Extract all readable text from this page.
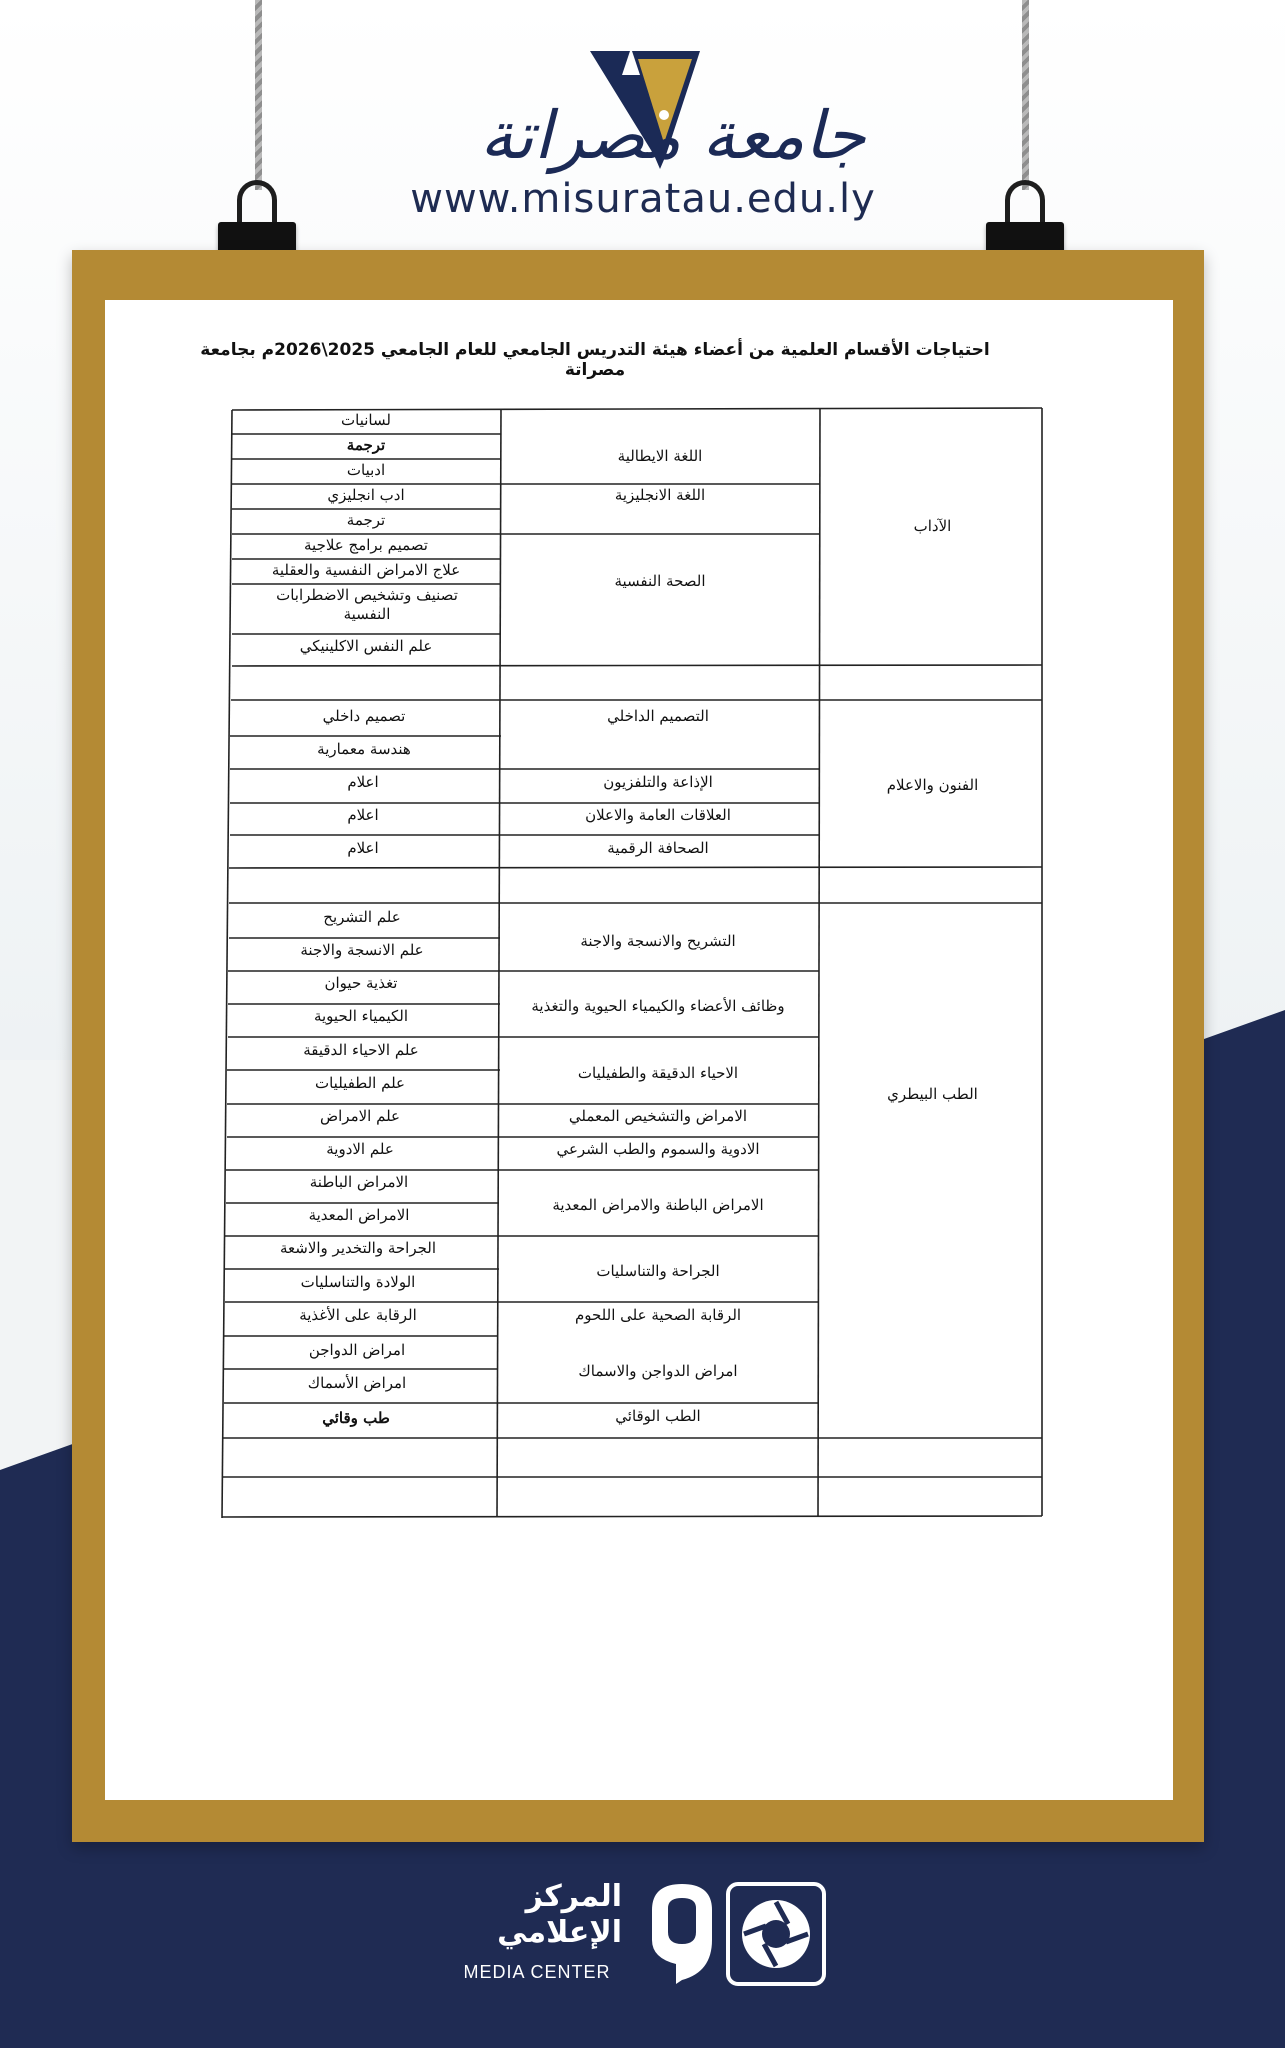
جامعة مصراتة
www.misuratau.edu.ly
احتياجات الأقسام العلمية من أعضاء هيئة التدريس الجامعي للعام الجامعي 2025\2026م بجامعة مصراتة
لسانيات
ترجمة
ادبيات
ادب انجليزي
ترجمة
تصميم برامج علاجية
علاج الامراض النفسية والعقلية
تصنيف وتشخيص الاضطرابات النفسية
علم النفس الاكلينيكي
تصميم داخلي
هندسة معمارية
اعلام
اعلام
اعلام
علم التشريح
علم الانسجة والاجنة
تغذية حيوان
الكيمياء الحيوية
علم الاحياء الدقيقة
علم الطفيليات
علم الامراض
علم الادوية
الامراض الباطنة
الامراض المعدية
الجراحة والتخدير والاشعة
الولادة والتناسليات
الرقابة على الأغذية
امراض الدواجن
امراض الأسماك
طب وقائي
اللغة الايطالية
اللغة الانجليزية
الصحة النفسية
التصميم الداخلي
الإذاعة والتلفزيون
العلاقات العامة والاعلان
الصحافة الرقمية
التشريح والانسجة والاجنة
وظائف الأعضاء والكيمياء الحيوية والتغذية
الاحياء الدقيقة والطفيليات
الامراض والتشخيص المعملي
الادوية والسموم والطب الشرعي
الامراض الباطنة والامراض المعدية
الجراحة والتناسليات
الرقابة الصحية على اللحوم
امراض الدواجن والاسماك
الطب الوقائي
الآداب
الفنون والاعلام
الطب البيطري
المركز
الإعلامي
MEDIA CENTER
